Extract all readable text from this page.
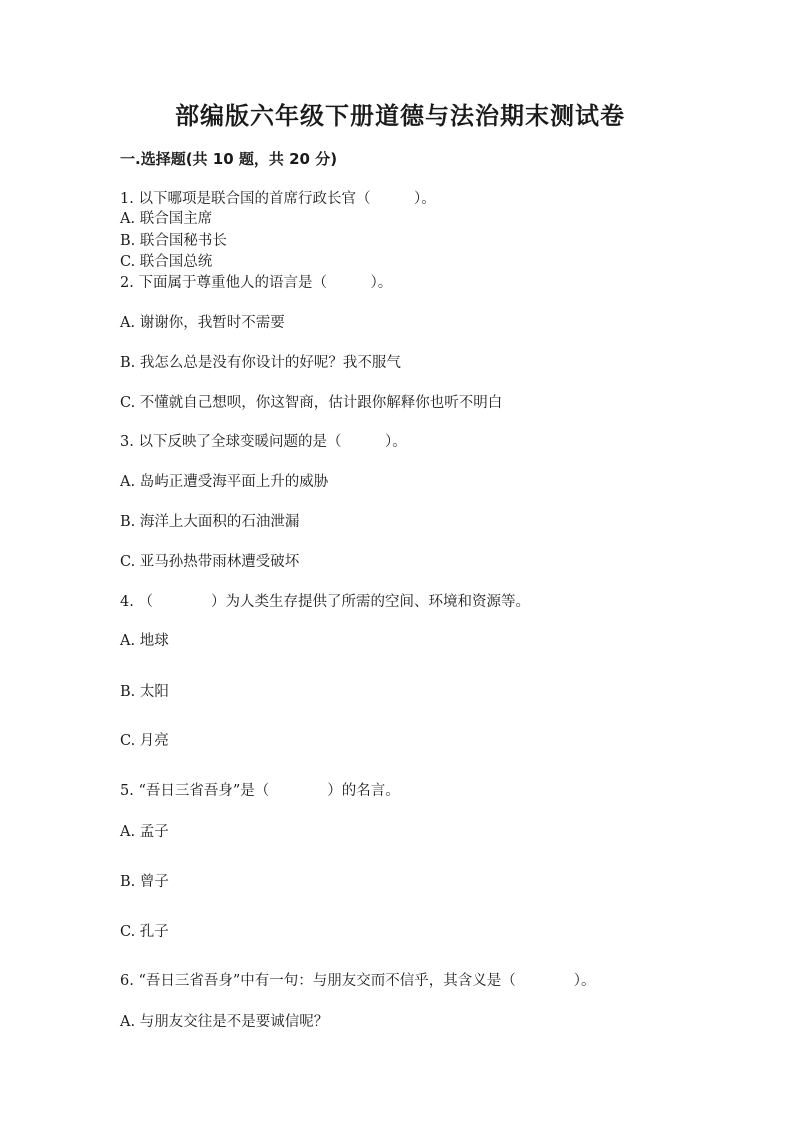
部编版六年级下册道德与法治期末测试卷
一.选择题(共 10 题，共 20 分)
1. 以下哪项是联合国的首席行政长官（　　　）。
A. 联合国主席
B. 联合国秘书长
C. 联合国总统
2. 下面属于尊重他人的语言是（　　　）。
A. 谢谢你，我暂时不需要
B. 我怎么总是没有你设计的好呢？我不服气
C. 不懂就自己想呗，你这智商，估计跟你解释你也听不明白
3. 以下反映了全球变暖问题的是（　　　）。
A. 岛屿正遭受海平面上升的威胁
B. 海洋上大面积的石油泄漏
C. 亚马孙热带雨林遭受破坏
4. （　　　　）为人类生存提供了所需的空间、环境和资源等。
A. 地球
B. 太阳
C. 月亮
5. “吾日三省吾身”是（　　　　）的名言。
A. 孟子
B. 曾子
C. 孔子
6. “吾日三省吾身”中有一句：与朋友交而不信乎，其含义是（　　　　）。
A. 与朋友交往是不是要诚信呢？
